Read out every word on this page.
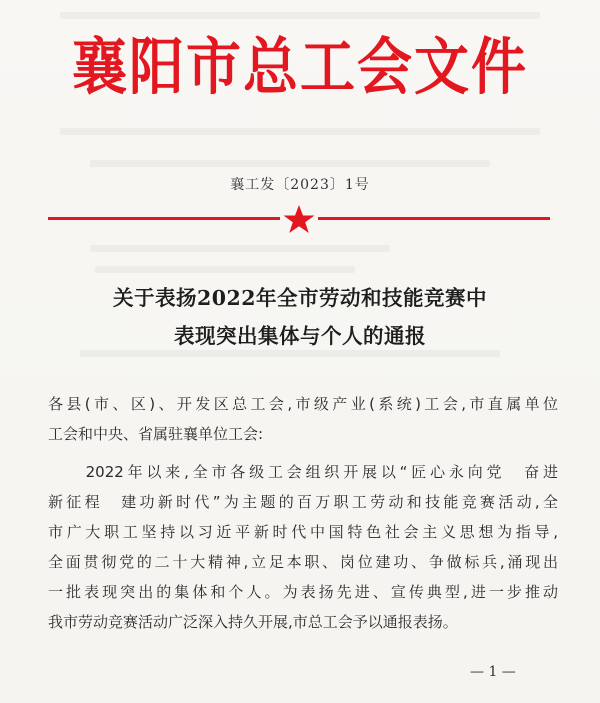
襄阳市总工会文件
襄工发〔2023〕1号
关于表扬2022年全市劳动和技能竞赛中
表现突出集体与个人的通报
各县(市、区)、开发区总工会,市级产业(系统)工会,市直属单位
工会和中央、省属驻襄单位工会:
　　2022年以来,全市各级工会组织开展以“匠心永向党　奋进
新征程　建功新时代”为主题的百万职工劳动和技能竞赛活动,全
市广大职工坚持以习近平新时代中国特色社会主义思想为指导,
全面贯彻党的二十大精神,立足本职、岗位建功、争做标兵,涌现出
一批表现突出的集体和个人。为表扬先进、宣传典型,进一步推动
我市劳动竞赛活动广泛深入持久开展,市总工会予以通报表扬。
— 1 —
